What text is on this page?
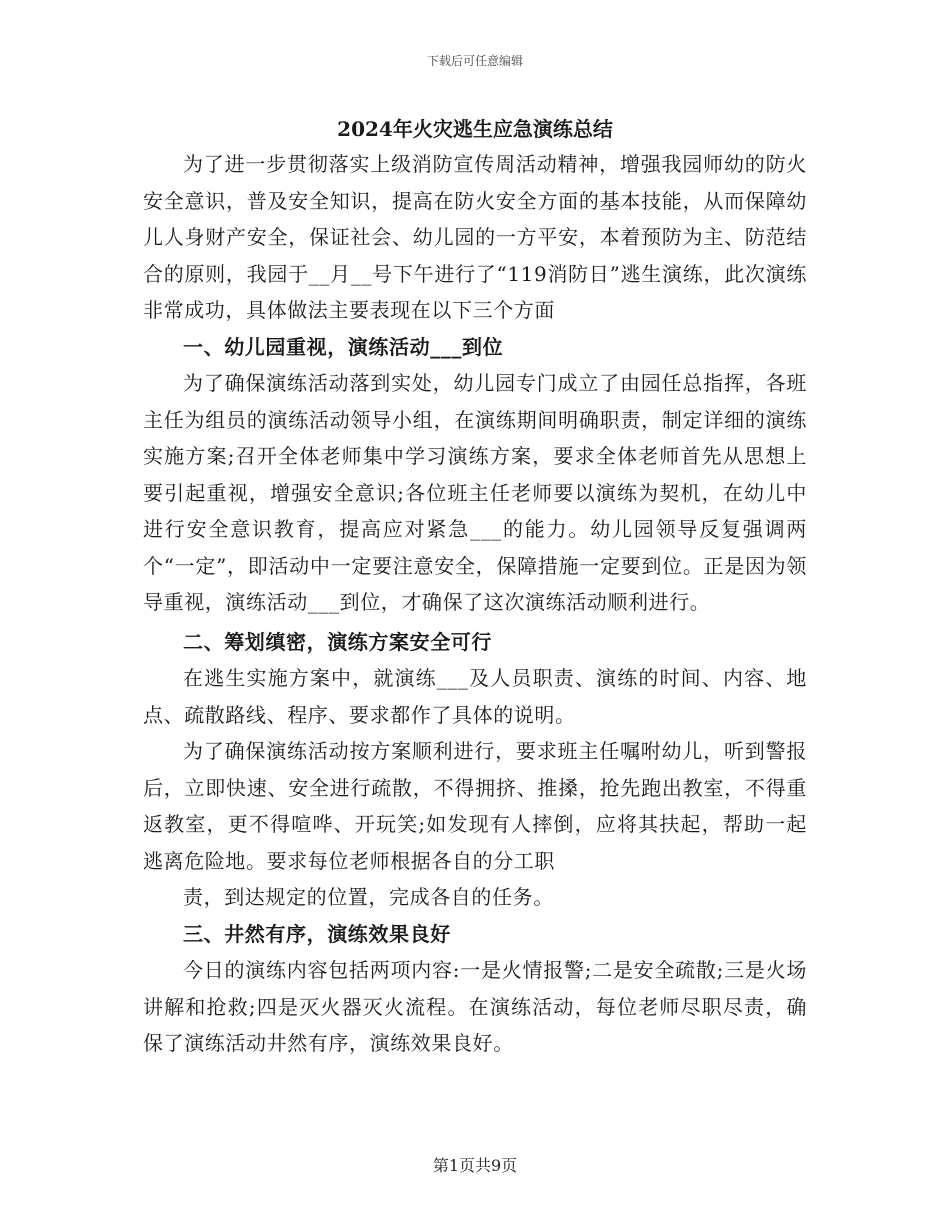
下载后可任意编辑
2024年火灾逃生应急演练总结

为了进一步贯彻落实上级消防宣传周活动精神，增强我园师幼的防火安全意识，普及安全知识，提高在防火安全方面的基本技能，从而保障幼儿人身财产安全，保证社会、幼儿园的一方平安，本着预防为主、防范结合的原则，我园于__月__号下午进行了“119消防日”逃生演练，此次演练非常成功，具体做法主要表现在以下三个方面

一、幼儿园重视，演练活动___到位

为了确保演练活动落到实处，幼儿园专门成立了由园任总指挥，各班主任为组员的演练活动领导小组，在演练期间明确职责，制定详细的演练实施方案;召开全体老师集中学习演练方案，要求全体老师首先从思想上要引起重视，增强安全意识;各位班主任老师要以演练为契机，在幼儿中进行安全意识教育，提高应对紧急___的能力。幼儿园领导反复强调两个“一定”，即活动中一定要注意安全，保障措施一定要到位。正是因为领导重视，演练活动___到位，才确保了这次演练活动顺利进行。

二、筹划缜密，演练方案安全可行

在逃生实施方案中，就演练___及人员职责、演练的时间、内容、地点、疏散路线、程序、要求都作了具体的说明。

为了确保演练活动按方案顺利进行，要求班主任嘱咐幼儿，听到警报后，立即快速、安全进行疏散，不得拥挤、推搡，抢先跑出教室，不得重返教室，更不得喧哗、开玩笑;如发现有人摔倒，应将其扶起，帮助一起逃离危险地。要求每位老师根据各自的分工职

责，到达规定的位置，完成各自的任务。

三、井然有序，演练效果良好

今日的演练内容包括两项内容:一是火情报警;二是安全疏散;三是火场讲解和抢救;四是灭火器灭火流程。在演练活动，每位老师尽职尽责，确保了演练活动井然有序，演练效果良好。

第1页共9页
